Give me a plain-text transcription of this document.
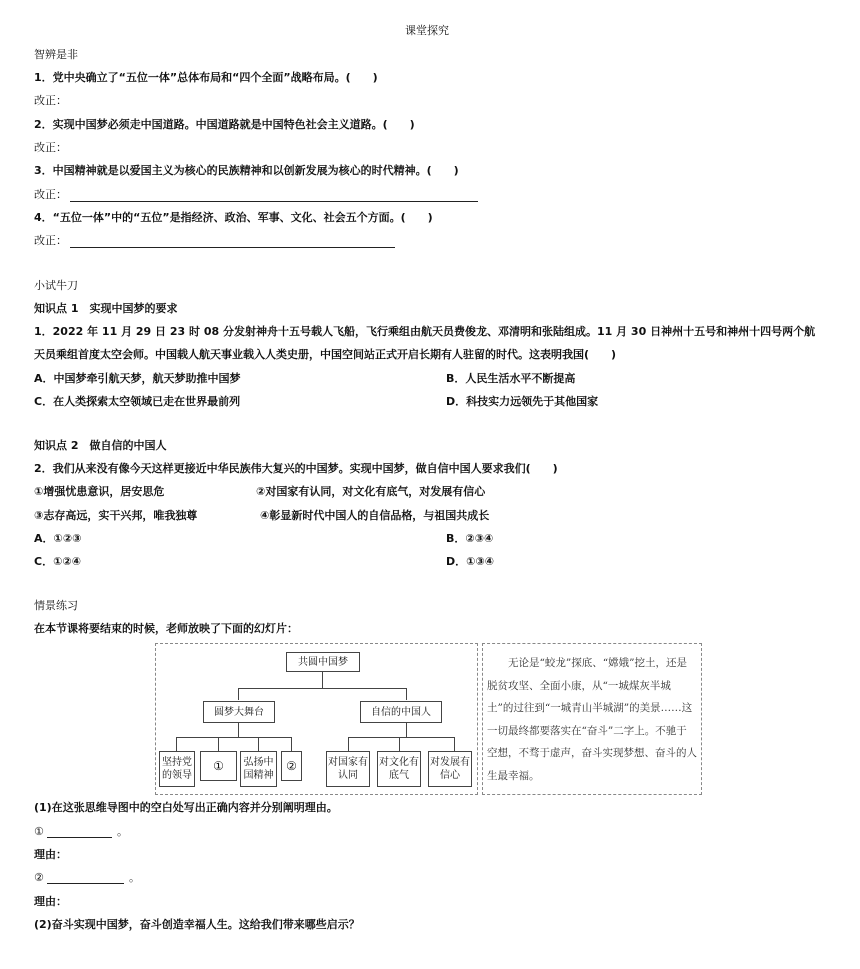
课堂探究
智辨是非
1．党中央确立了“五位一体”总体布局和“四个全面”战略布局。(　　)
改正：
2．实现中国梦必须走中国道路。中国道路就是中国特色社会主义道路。(　　)
改正：
3．中国精神就是以爱国主义为核心的民族精神和以创新发展为核心的时代精神。(　　)
改正：
4．“五位一体”中的“五位”是指经济、政治、军事、文化、社会五个方面。(　　)
改正：
小试牛刀
知识点 1　实现中国梦的要求
1．2022 年 11 月 29 日 23 时 08 分发射神舟十五号载人飞船，飞行乘组由航天员费俊龙、邓清明和张陆组成。11 月 30 日神州十五号和神州十四号两个航
天员乘组首度太空会师。中国载人航天事业载入人类史册，中国空间站正式开启长期有人驻留的时代。这表明我国(　　)
A．中国梦牵引航天梦，航天梦助推中国梦	B．人民生活水平不断提高
C．在人类探索太空领域已走在世界最前列	D．科技实力远领先于其他国家
知识点 2　做自信的中国人
2．我们从来没有像今天这样更接近中华民族伟大复兴的中国梦。实现中国梦，做自信中国人要求我们(　　)
①增强忧患意识，居安思危	②对国家有认同，对文化有底气，对发展有信心
③志存高远，实干兴邦，唯我独尊	④彰显新时代中国人的自信品格，与祖国共成长
A．①②③	B．②③④
C．①②④	D．①③④
情景练习
在本节课将要结束的时候，老师放映了下面的幻灯片：
共圆中国梦
圆梦大舞台	自信的中国人
坚持党的领导
①	弘扬中国精神
②	对国家有认同
对文化有底气
对发展有信心
无论是“蛟龙”探底、“嫦娥”挖土，还是脱贫攻坚、全面小康，从“一城煤灰半城土”的过往到“一城青山半城湖”的美景……这一切最终都要落实在“奋斗”二字上。不驰于空想，不骛于虚声，奋斗实现梦想、奋斗的人生最幸福。
(1)在这张思维导图中的空白处写出正确内容并分别阐明理由。
①	。
理由：
②	。
理由：
(2)奋斗实现中国梦，奋斗创造幸福人生。这给我们带来哪些启示？
